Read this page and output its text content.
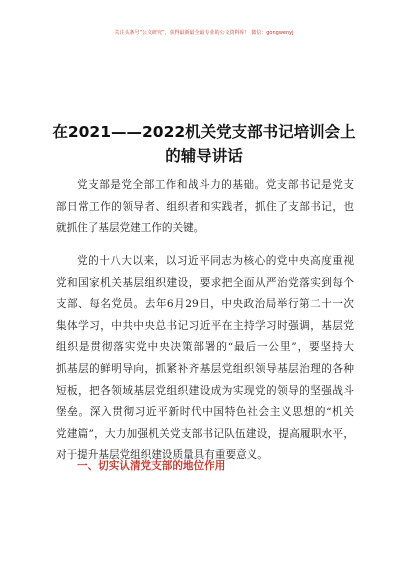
关注头条号“公文研究”，获得最新最全最专业的公文资料库！ 微信：gongwenyj
在2021——2022机关党支部书记培训会上
的辅导讲话
党支部是党全部工作和战斗力的基础。党支部书记是党支
部日常工作的领导者、组织者和实践者，抓住了支部书记，也
就抓住了基层党建工作的关键。
党的十八大以来，以习近平同志为核心的党中央高度重视
党和国家机关基层组织建设，要求把全面从严治党落实到每个
支部、每名党员。去年6月29日，中央政治局举行第二十一次
集体学习，中共中央总书记习近平在主持学习时强调，基层党
组织是贯彻落实党中央决策部署的“最后一公里”，要坚持大
抓基层的鲜明导向，抓紧补齐基层党组织领导基层治理的各种
短板，把各领域基层党组织建设成为实现党的领导的坚强战斗
堡垒。深入贯彻习近平新时代中国特色社会主义思想的“机关
党建篇”，大力加强机关党支部书记队伍建设，提高履职水平，
对于提升基层党组织建设质量具有重要意义。
一、切实认清党支部的地位作用
